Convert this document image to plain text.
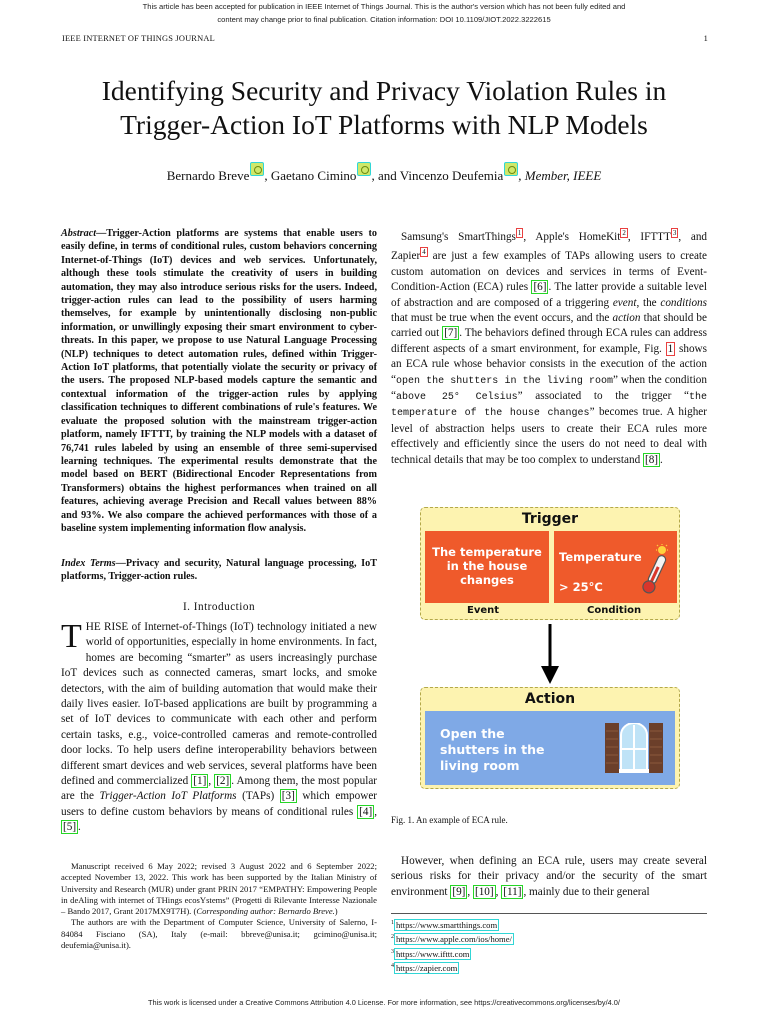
This article has been accepted for publication in IEEE Internet of Things Journal. This is the author's version which has not been fully edited and
content may change prior to final publication. Citation information: DOI 10.1109/JIOT.2022.3222615
IEEE INTERNET OF THINGS JOURNAL	1
Identifying Security and Privacy Violation Rules in
Trigger-Action IoT Platforms with NLP Models
Bernardo Breve , Gaetano Cimino , and Vincenzo Deufemia , Member, IEEE
Abstract—Trigger-Action platforms are systems that enable users to easily define, in terms of conditional rules, custom behaviors concerning Internet-of-Things (IoT) devices and web services. Unfortunately, although these tools stimulate the creativity of users in building automation, they may also introduce serious risks for the users. Indeed, trigger-action rules can lead to the possibility of users harming themselves, for example by unintentionally disclosing non-public information, or unwillingly exposing their smart environment to cyber-threats. In this paper, we propose to use Natural Language Processing (NLP) techniques to detect automation rules, defined within Trigger-Action IoT platforms, that potentially violate the security or privacy of the users. The proposed NLP-based models capture the semantic and contextual information of the trigger-action rules by applying classification techniques to different combinations of rule's features. We evaluate the proposed solution with the mainstream trigger-action platform, namely IFTTT, by training the NLP models with a dataset of 76,741 rules labeled by using an ensemble of three semi-supervised learning techniques. The experimental results demonstrate that the model based on BERT (Bidirectional Encoder Representations from Transformers) obtains the highest performances when trained on all features, achieving average Precision and Recall values between 88% and 93%. We also compare the achieved performances with those of a baseline system implementing information flow analysis.
Index Terms—Privacy and security, Natural language processing, IoT platforms, Trigger-action rules.
I. Introduction
THE RISE of Internet-of-Things (IoT) technology initiated a new world of opportunities, especially in home environments. In fact, homes are becoming “smarter” as users increasingly purchase IoT devices such as connected cameras, smart locks, and smoke detectors, with the aim of building automation that would make their daily lives easier. IoT-based applications are built by programming a set of IoT devices to communicate with each other and perform certain tasks, e.g., voice-controlled cameras and remote-controlled door locks. To help users define interoperability behaviors between different smart devices and web services, several platforms have been defined and commercialized [1] , [2] . Among them, the most popular are the Trigger-Action IoT Platforms (TAPs) [3] which empower users to define custom behaviors by means of conditional rules [4] , [5] .

Manuscript received 6 May 2022; revised 3 August 2022 and 6 September 2022; accepted November 13, 2022. This work has been supported by the Italian Ministry of University and Research (MUR) under grant PRIN 2017 “EMPATHY: Empowering People in deAling with internet of THings ecosYstems” (Progetti di Rilevante Interesse Nazionale – Bando 2017, Grant 2017MX9T7H). (Corresponding author: Bernardo Breve.)

The authors are with the Department of Computer Science, University of Salerno, I-84084 Fisciano (SA), Italy (e-mail: bbreve@unisa.it; gcimino@unisa.it; deufemia@unisa.it).

Samsung's SmartThings $^1$ , Apple's HomeKit $^2$ , IFTTT $^3$ , and Zapier $^4$ are just a few examples of TAPs allowing users to create custom automation on devices and services in terms of Event-Condition-Action (ECA) rules [6] . The latter provide a suitable level of abstraction and are composed of a triggering event, the conditions that must be true when the event occurs, and the action that should be carried out [7] . The behaviors defined through ECA rules can address different aspects of a smart environment, for example, Fig. 1 shows an ECA rule whose behavior consists in the execution of the action “open the shutters in the living room” when the condition “above 25° Celsius” associated to the trigger “the temperature of the house changes” becomes true. A higher level of abstraction helps users to create their ECA rules more effectively and efficiently since the users do not need to deal with technical details that may be too complex to understand [8] .
Trigger
The temperature in the house changes
Temperature
> 25°C
Event	Condition
Action
Open the shutters in the living room
Fig. 1. An example of ECA rule.
However, when defining an ECA rule, users may create several serious risks for their privacy and/or the security of the smart environment [9] , [10] , [11] , mainly due to their general
$^1$ https://www.smartthings.com
$^2$ https://www.apple.com/ios/home/
$^3$ https://www.ifttt.com
$^4$ https://zapier.com
This work is licensed under a Creative Commons Attribution 4.0 License. For more information, see https://creativecommons.org/licenses/by/4.0/
